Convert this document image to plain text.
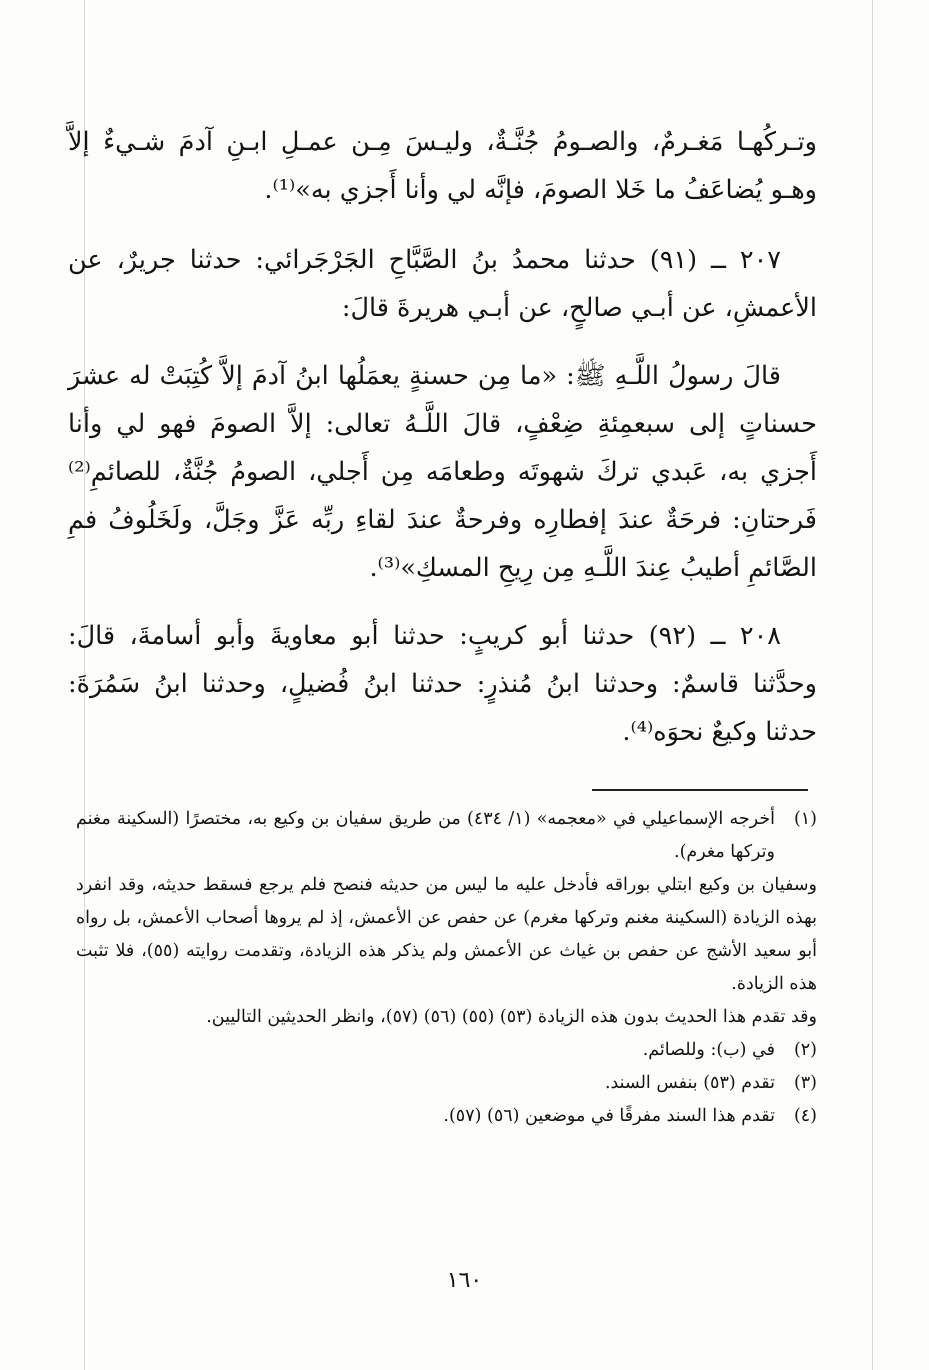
وتـركُهـا مَغـرمٌ، والصـومُ جُنَّـةٌ، وليـسَ مِـن عمـلِ ابـنِ آدمَ شـيءٌ إلاَّ وهـو يُضاعَفُ ما خَلا الصومَ، فإنَّه لي وأنا أَجزي به»⁽¹⁾.

٢٠٧ ــ (٩١) حدثنا محمدُ بنُ الصَّبَّاحِ الجَرْجَرائي: حدثنا جريرٌ، عن الأعمشِ، عن أبـي صالحٍ، عن أبـي هريرةَ قالَ:

قالَ رسولُ اللَّـهِ ﷺ: «ما مِن حسنةٍ يعمَلُها ابنُ آدمَ إلاَّ كُتِبَتْ له عشرَ حسناتٍ إلى سبعمِئةِ ضِعْفٍ، قالَ اللَّـهُ تعالى: إلاَّ الصومَ فهو لي وأنا أَجزي به، عَبدي تركَ شهوتَه وطعامَه مِن أَجلي، الصومُ جُنَّةٌ، للصائمِ⁽²⁾ فَرحتانِ: فرحَةٌ عندَ إفطارِه وفرحةٌ عندَ لقاءِ ربِّه عَزَّ وجَلَّ، ولَخَلُوفُ فمِ الصَّائمِ أطيبُ عِندَ اللَّـهِ مِن رِيحِ المسكِ»⁽³⁾.

٢٠٨ ــ (٩٢) حدثنا أبو كريبٍ: حدثنا أبو معاويةَ وأبو أسامةَ، قالَ: وحدَّثنا قاسمٌ: وحدثنا ابنُ مُنذرٍ: حدثنا ابنُ فُضيلٍ، وحدثنا ابنُ سَمُرَةَ: حدثنا وكيعٌ نحوَه⁽⁴⁾.

(١)

أخرجه الإسماعيلي في «معجمه» (١/ ٤٣٤) من طريق سفيان بن وكيع به، مختصرًا (السكينة مغنم وتركها مغرم).

وسفيان بن وكيع ابتلي بوراقه فأدخل عليه ما ليس من حديثه فنصح فلم يرجع فسقط حديثه، وقد انفرد بهذه الزيادة (السكينة مغنم وتركها مغرم) عن حفص عن الأعمش، إذ لم يروها أصحاب الأعمش، بل رواه أبو سعيد الأشج عن حفص بن غياث عن الأعمش ولم يذكر هذه الزيادة، وتقدمت روايته (٥٥)، فلا تثبت هذه الزيادة.

وقد تقدم هذا الحديث بدون هذه الزيادة (٥٣) (٥٥) (٥٦) (٥٧)، وانظر الحديثين التاليين.

(٢)

في (ب): وللصائم.

(٣)

تقدم (٥٣) بنفس السند.

(٤)

تقدم هذا السند مفرقًا في موضعين (٥٦) (٥٧).

١٦٠
